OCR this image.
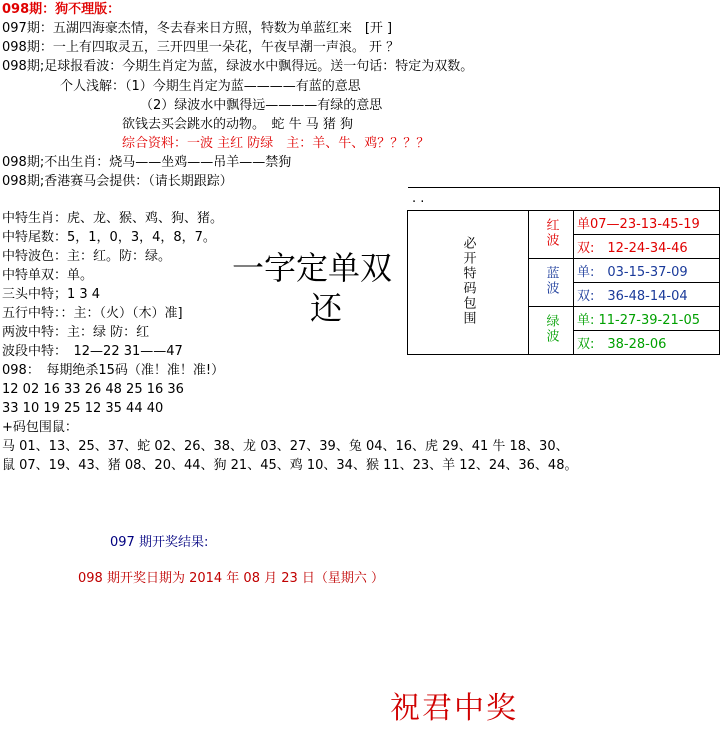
098期：狗不理版：
097期：五湖四海豪杰情，冬去春来日方照，特数为单蓝红来　[开 ]
098期：一上有四取灵五，三开四里一朵花，午夜早潮一声浪。 开 ？
098期;足球报看波：今期生肖定为蓝，绿波水中飘得远。送一句话：特定为双数。
个人浅解：（1）今期生肖定为蓝————有蓝的意思
（2）绿波水中飘得远————有绿的意思
欲钱去买会跳水的动物。　蛇 牛 马 猪 狗
综合资料：一波 主红 防绿　主：羊、牛、鸡？？？？
098期;不出生肖：烧马——坐鸡——吊羊——禁狗
098期;香港赛马会提供：（请长期跟踪）
中特生肖：虎、龙、猴、鸡、狗、猪。
中特尾数：5，1，0，3，4，8，7。
中特波色：主：红。防：绿。
中特单双：单。
三头中特；1 3 4
五行中特：：主：（火）（木）准]
两波中特：主：绿 防：红
波段中特：　12—22 31——47
098：　每期绝杀15码（准！准！准!）
12 02 16 33 26 48 25 16 36
33 10 19 25 12 35 44 40
+码包围鼠：
马 01、13、25、37、蛇 02、26、38、龙 03、27、39、兔 04、16、虎 29、41 牛 18、30、
鼠 07、19、43、猪 08、20、44、狗 21、45、鸡 10、34、猴 11、23、羊 12、24、36、48。
一字定单双
还
. .

必开特码包围	红波	单07—23-13-45-19
		双:　12-24-34-46
	蓝波	单:　03-15-37-09
		双:　36-48-14-04
	绿波	单: 11-27-39-21-05
		双:　38-28-06
097 期开奖结果:
098 期开奖日期为 2014 年 08 月 23 日（星期六 ）
祝君中奖
